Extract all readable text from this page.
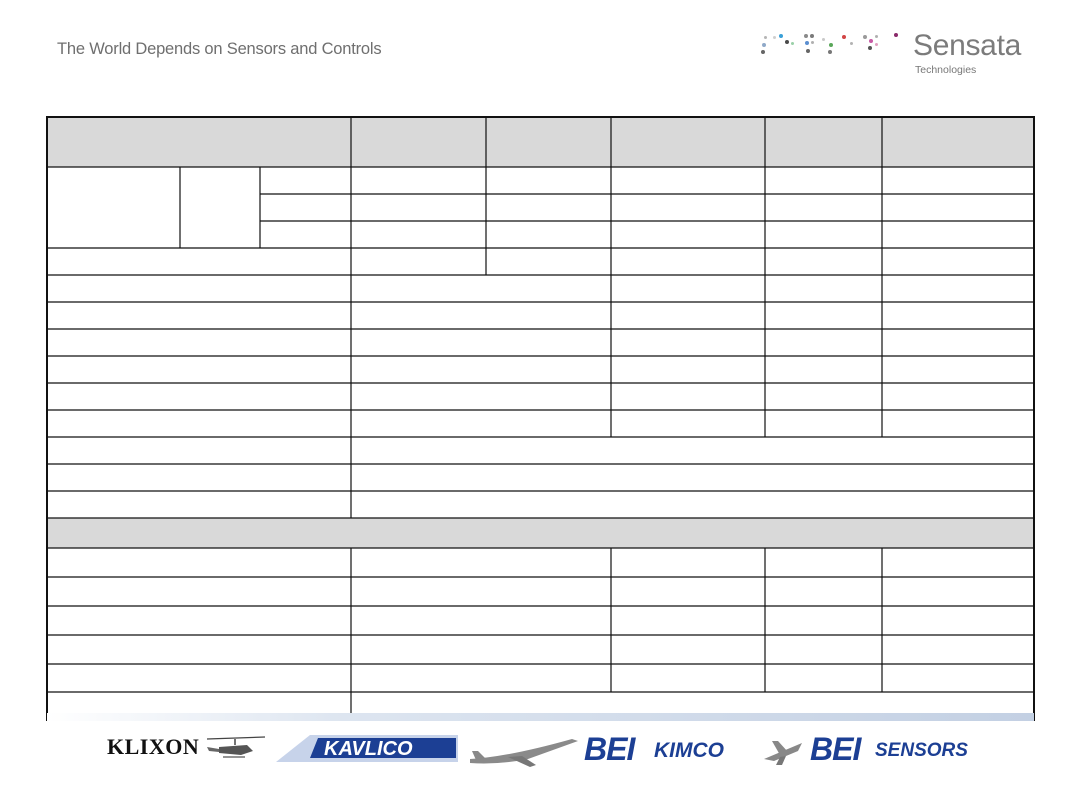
The World Depends on Sensors and Controls	Sensata
Technologies
KLIXON	KAVLICO	BEI KIMCO	BEI SENSORS
